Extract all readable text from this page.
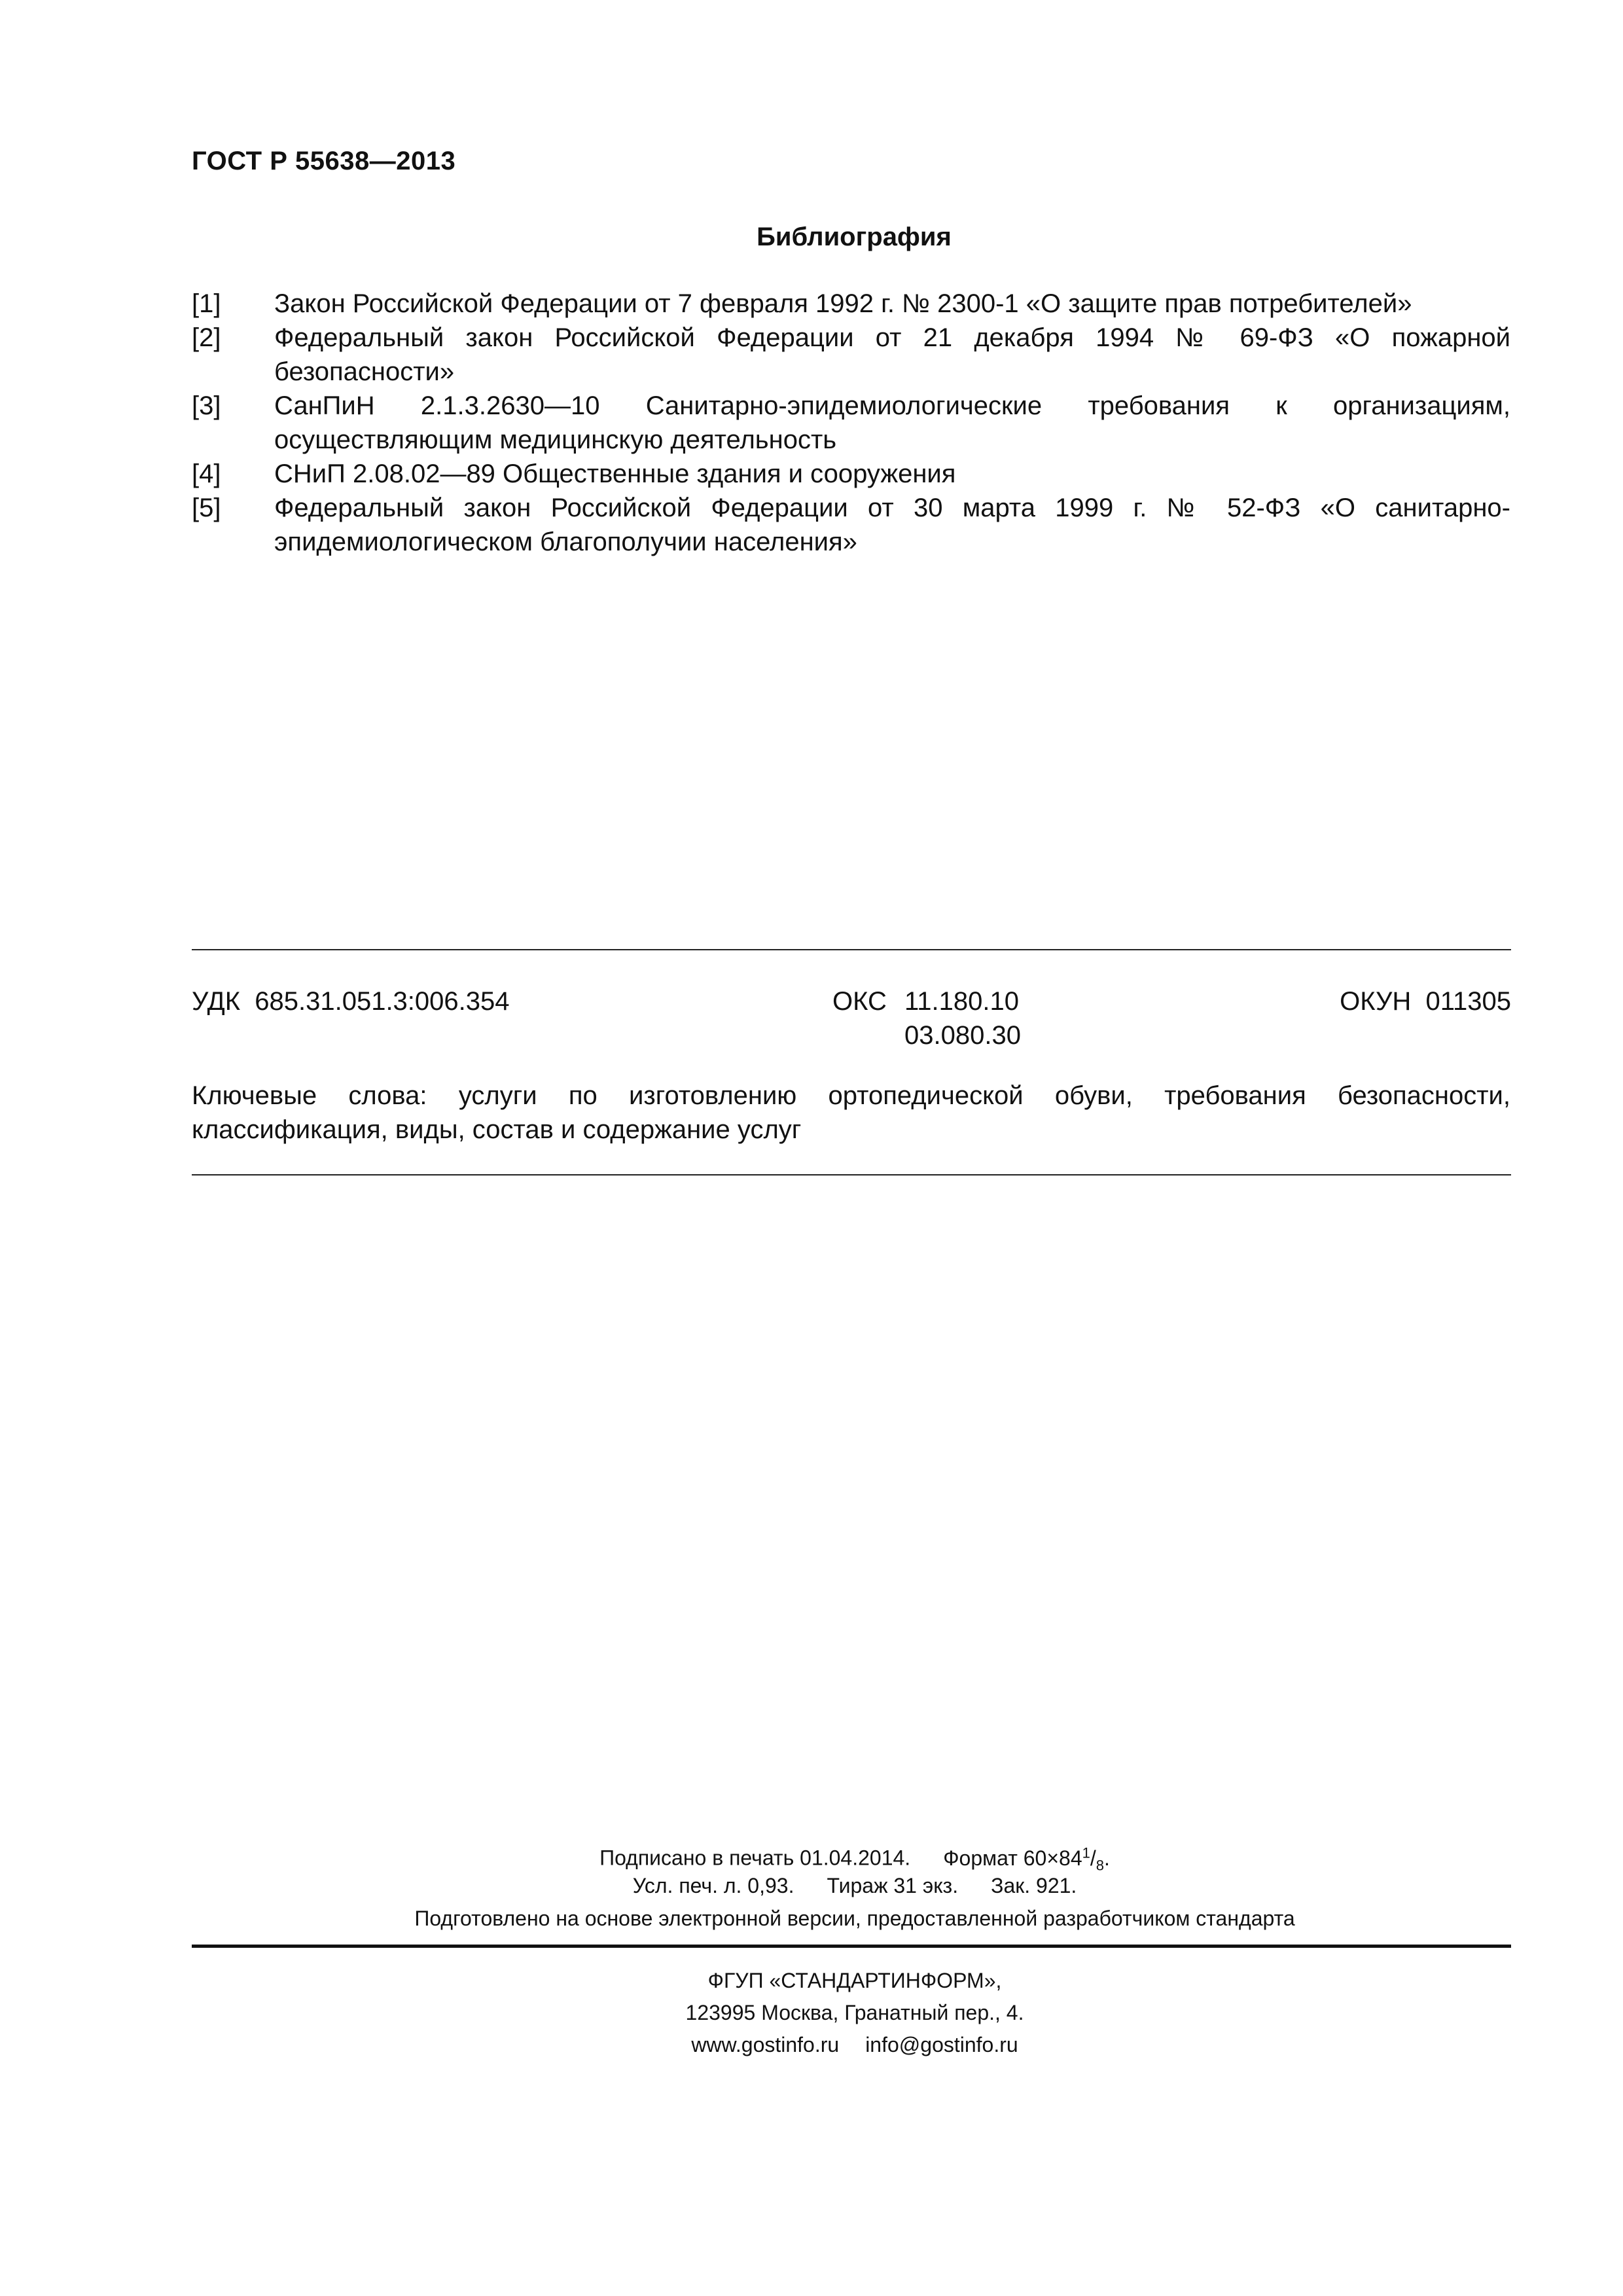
ГОСТ Р 55638—2013
Библиография
[1]	Закон Российской Федерации от 7 февраля 1992 г. № 2300-1 «О защите прав потребителей»
[2]	Федеральный закон Российской Федерации от 21 декабря 1994 № 69-ФЗ «О пожарной безопасности»
[3]	СанПиН 2.1.3.2630—10 Санитарно-эпидемиологические требования к организациям, осуществляющим медицинскую деятельность
[4]	СНиП 2.08.02—89 Общественные здания и сооружения
[5]	Федеральный закон Российской Федерации от 30 марта 1999 г. № 52-ФЗ «О санитарно-эпидемиологическом благополучии населения»
УДК 685.31.051.3:006.354	ОКС 11.180.10
03.080.30
ОКУН 011305
Ключевые слова: услуги по изготовлению ортопедической обуви, требования безопасности, классификация, виды, состав и содержание услуг
Подписано в печать 01.04.2014. Формат $60\times 84^1/_8$.
Усл. печ. л. 0,93. Тираж 31 экз. Зак. 921.
Подготовлено на основе электронной версии, предоставленной разработчиком стандарта
ФГУП «СТАНДАРТИНФОРМ»,
123995 Москва, Гранатный пер., 4.
www.gostinfo.ru info@gostinfo.ru
